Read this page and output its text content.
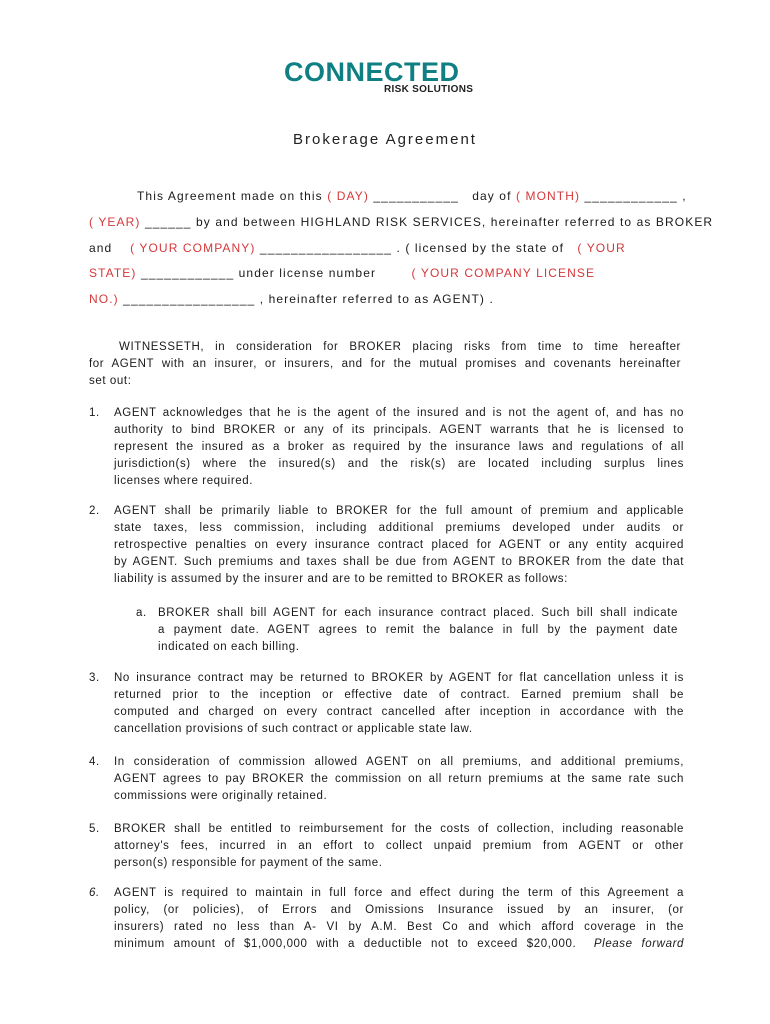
CONNECTED
RISK SOLUTIONS
Brokerage Agreement
This Agreement made on this ( DAY) ___________ day of ( MONTH) ____________ ,
( YEAR) ______ by and between HIGHLAND RISK SERVICES, hereinafter referred to as BROKER
and ( YOUR COMPANY) _________________ . ( licensed by the state of ( YOUR
STATE) ____________ under license number	( YOUR COMPANY LICENSE
NO.) _________________ , hereinafter referred to as AGENT) .
WITNESSETH, in consideration for BROKER placing risks from time to time hereafter
for AGENT with an insurer, or insurers, and for the mutual promises and covenants hereinafter
set out:
1. AGENT acknowledges that he is the agent of the insured and is not the agent of, and has no
authority to bind BROKER or any of its principals. AGENT warrants that he is licensed to
represent the insured as a broker as required by the insurance laws and regulations of all
jurisdiction(s) where the insured(s) and the risk(s) are located including surplus lines
licenses where required.
2. AGENT shall be primarily liable to BROKER for the full amount of premium and applicable
state taxes, less commission, including additional premiums developed under audits or
retrospective penalties on every insurance contract placed for AGENT or any entity acquired
by AGENT. Such premiums and taxes shall be due from AGENT to BROKER from the date that
liability is assumed by the insurer and are to be remitted to BROKER as follows:
a. BROKER shall bill AGENT for each insurance contract placed. Such bill shall indicate
a payment date. AGENT agrees to remit the balance in full by the payment date
indicated on each billing.
3. No insurance contract may be returned to BROKER by AGENT for flat cancellation unless it is
returned prior to the inception or effective date of contract. Earned premium shall be
computed and charged on every contract cancelled after inception in accordance with the
cancellation provisions of such contract or applicable state law.
4. In consideration of commission allowed AGENT on all premiums, and additional premiums,
AGENT agrees to pay BROKER the commission on all return premiums at the same rate such
commissions were originally retained.
5. BROKER shall be entitled to reimbursement for the costs of collection, including reasonable
attorney's fees, incurred in an effort to collect unpaid premium from AGENT or other
person(s) responsible for payment of the same.
6. AGENT is required to maintain in full force and effect during the term of this Agreement a
policy, (or policies), of Errors and Omissions Insurance issued by an insurer, (or
insurers) rated no less than A- VI by A.M. Best Co and which afford coverage in the
minimum amount of $1,000,000 with a deductible not to exceed $20,000. Please forward
